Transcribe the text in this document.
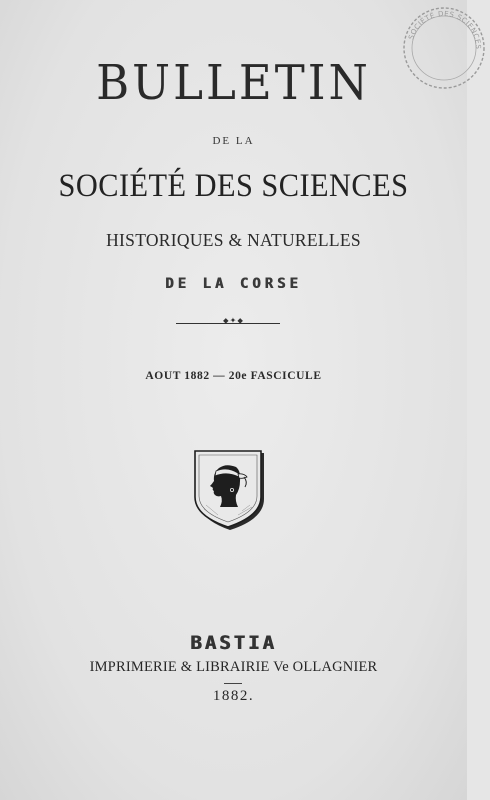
SOCIÉTÉ DES SCIENCES
BULLETIN
DE LA
SOCIÉTÉ DES SCIENCES
HISTORIQUES & NATURELLES
DE LA CORSE
⬥✦⬥
AOUT 1882 — 20e FASCICULE
BASTIA
IMPRIMERIE & LIBRAIRIE Ve OLLAGNIER
1882.
